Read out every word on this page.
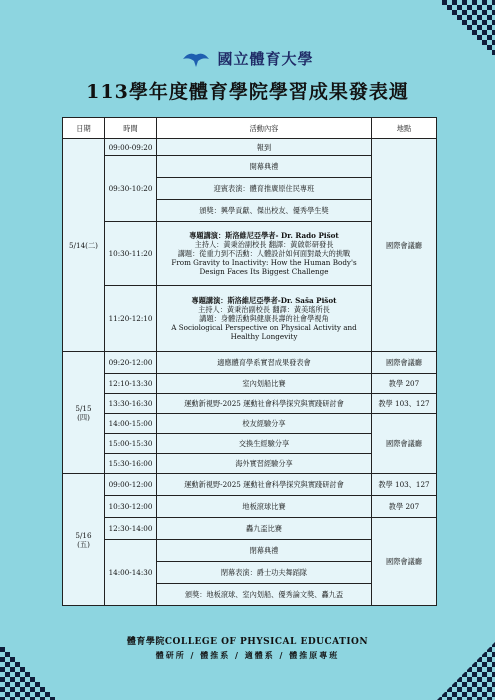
國立體育大學
113學年度體育學院學習成果發表週
日期	時間	活動內容	地點
5/14(二)	09:00-09:20	報到	國際會議廳
	09:30-10:20	開幕典禮	
		迎賓表演：體育推廣原住民專班	
		頒獎：興學貢獻、傑出校友、優秀學生獎	
	10:30-11:20	專題講演：斯洛維尼亞學者- Dr. Rado Pišot
主持人：黃秉治副校長 翻譯：黃啟彰研發長
講題：從重力到不活動：人體設計如何面對最大的挑戰
From Gravity to Inactivity: How the Human Body's Design Faces Its Biggest Challenge	

	11:20-12:10	專題講演：斯洛維尼亞學者-Dr. Saša Pišot
主持人：黃秉治副校長 翻譯：黃美瑤所長
講題：身體活動與健康長壽的社會學視角
A Sociological Perspective on Physical Activity and Healthy Longevity	

5/15
(四)	09:20-12:00	適應體育學系實習成果發表會	國際會議廳
	12:10-13:30	室內划船比賽	教學 207
	13:30-16:30	運動新視野-2025 運動社會科學探究與實踐研討會	教學 103、127
	14:00-15:00	校友經驗分享	國際會議廳
	15:00-15:30	交換生經驗分享	
	15:30-16:00	海外實習經驗分享	

5/16
(五)	09:00-12:00	運動新視野-2025 運動社會科學探究與實踐研討會	教學 103、127
	10:30-12:00	地板滾球比賽	教學 207
	12:30-14:00	轟九盃比賽	國際會議廳
	14:00-14:30	閉幕典禮	
		閉幕表演：爵士功夫舞蹈隊	
		頒獎：地板滾球、室內划船、優秀論文獎、轟九盃	
體育學院COLLEGE OF PHYSICAL EDUCATION
體研所 / 體推系 / 適體系 / 體推原專班
